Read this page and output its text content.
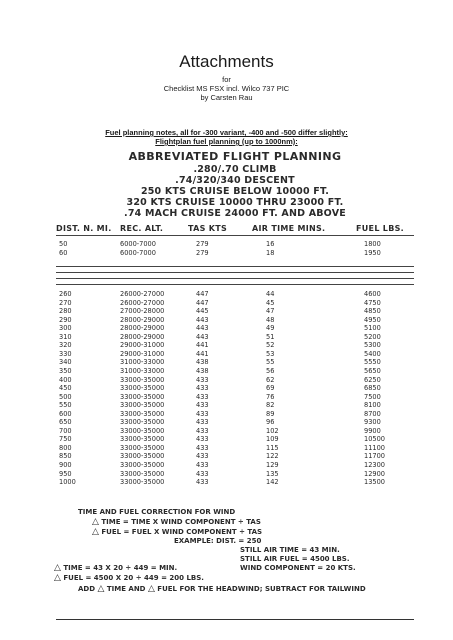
Attachments
for
Checklist MS FSX incl. Wilco 737 PIC
by Carsten Rau
Fuel planning notes, all for -300 variant, -400 and -500 differ slightly:
Flightplan fuel planning (up to 1000nm):
ABBREVIATED FLIGHT PLANNING
.280/.70 CLIMB
.74/320/340 DESCENT
250 KTS CRUISE BELOW 10000 FT.
320 KTS CRUISE 10000 THRU 23000 FT.
.74 MACH CRUISE 24000 FT. AND ABOVE
DIST. N. MI. REC. ALT.	TAS KTS	AIR TIME MINS.	FUEL LBS.
50	6000-7000	279	16	1800
60	6000-7000	279	18	1950
260	26000-27000	447	44	4600
270	26000-27000	447	45	4750
280	27000-28000	445	47	4850
290	28000-29000	443	48	4950
300	28000-29000	443	49	5100
310	28000-29000	443	51	5200
320	29000-31000	441	52	5300
330	29000-31000	441	53	5400
340	31000-33000	438	55	5550
350	31000-33000	438	56	5650
400	33000-35000	433	62	6250
450	33000-35000	433	69	6850
500	33000-35000	433	76	7500
550	33000-35000	433	82	8100
600	33000-35000	433	89	8700
650	33000-35000	433	96	9300
700	33000-35000	433	102	9900
750	33000-35000	433	109	10500
800	33000-35000	433	115	11100
850	33000-35000	433	122	11700
900	33000-35000	433	129	12300
950	33000-35000	433	135	12900
1000	33000-35000	433	142	13500
TIME AND FUEL CORRECTION FOR WIND
△ TIME = TIME X WIND COMPONENT ÷ TAS
△ FUEL = FUEL X WIND COMPONENT ÷ TAS
EXAMPLE: DIST. = 250
STILL AIR TIME = 43 MIN.
STILL AIR FUEL = 4500 LBS.
△ TIME = 43 X 20 ÷ 449 = MIN.	WIND COMPONENT = 20 KTS.
△ FUEL = 4500 X 20 ÷ 449 = 200 LBS.
ADD △ TIME AND △ FUEL FOR THE HEADWIND; SUBTRACT FOR TAILWIND
